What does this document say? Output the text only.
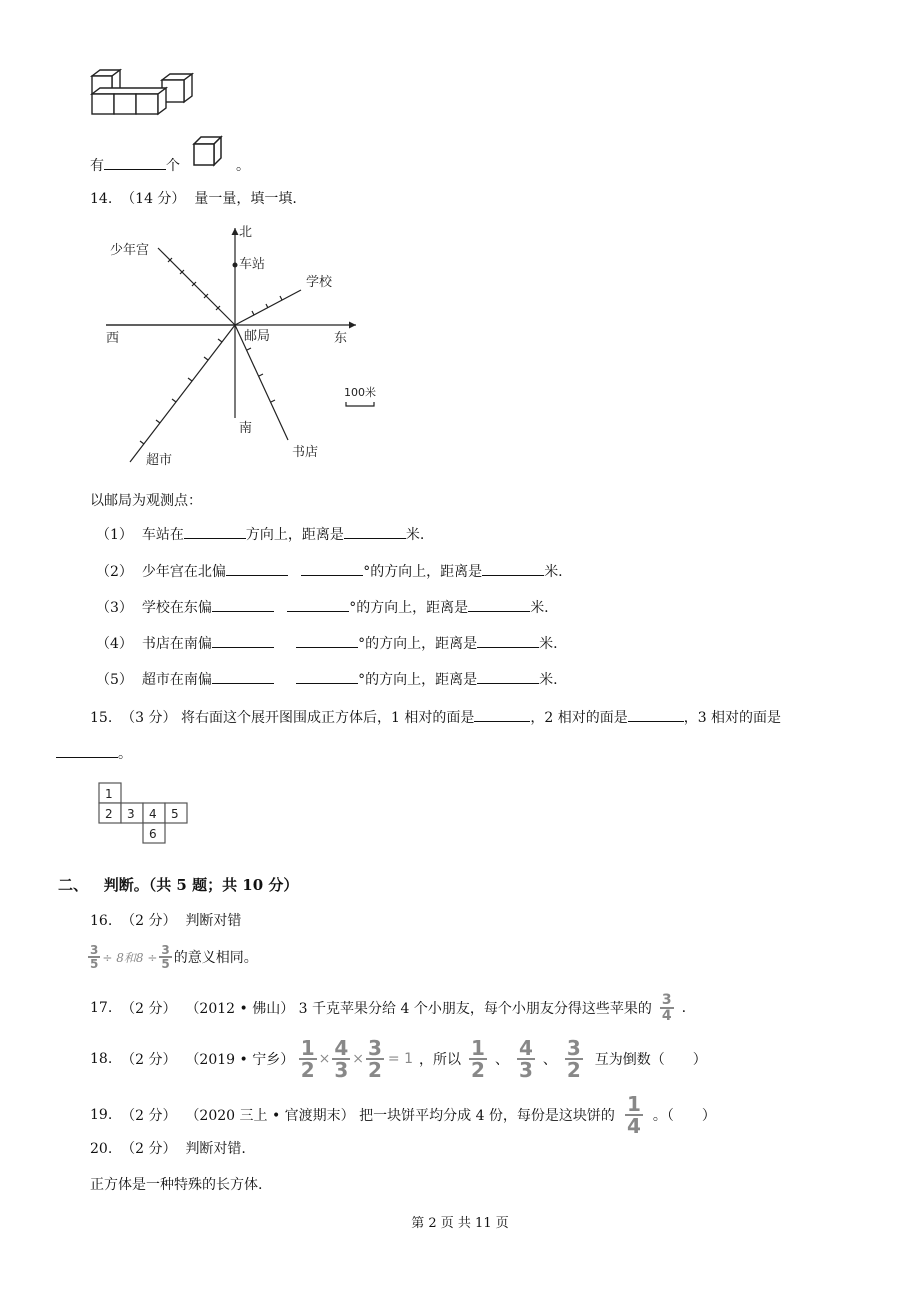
有	个	。
14. （14 分） 量一量，填一填.
北
车站
学校
少年宫
西	东
邮局
100米
南
书店
超市
以邮局为观测点：
（1） 车站在	方向上，距离是	米.
（2） 少年宫在北偏	°的方向上，距离是	米.
（3） 学校在东偏	°的方向上，距离是	米.
（4） 书店在南偏	°的方向上，距离是	米.
（5） 超市在南偏	°的方向上，距离是	米.
15. （3 分） 将右面这个展开图围成正方体后，1 相对的面是	，2 相对的面是	，3 相对的面是
。
1
2 3 4 5
6
二、 判断。（共 5 题；共 10 分）
16. （2 分） 判断对错
$\frac{3}{5} \div 8$和$8 \div \frac{3}{5}$ 的意义相同。
17.
（2 分）
（2012 • 佛山） 3 千克苹果分给 4 个小朋友，每个小朋友分得这些苹果的 $\frac{3}{4}$ .
18.
（2 分）
（2019 • 宁乡）
$\frac{1}{2} \times \frac{4}{3} \times \frac{3}{2} = 1$ ，所以 $\frac{1}{2}$ 、 $\frac{4}{3}$ 、 $\frac{3}{2}$ 互为倒数（　　）
19.
（2 分）
（2020 三上 • 官渡期末） 把一块饼平均分成 4 份，每份是这块饼的 $\frac{1}{4}$ 。（　　）
20. （2 分） 判断对错.
正方体是一种特殊的长方体.
第 2 页 共 11 页
